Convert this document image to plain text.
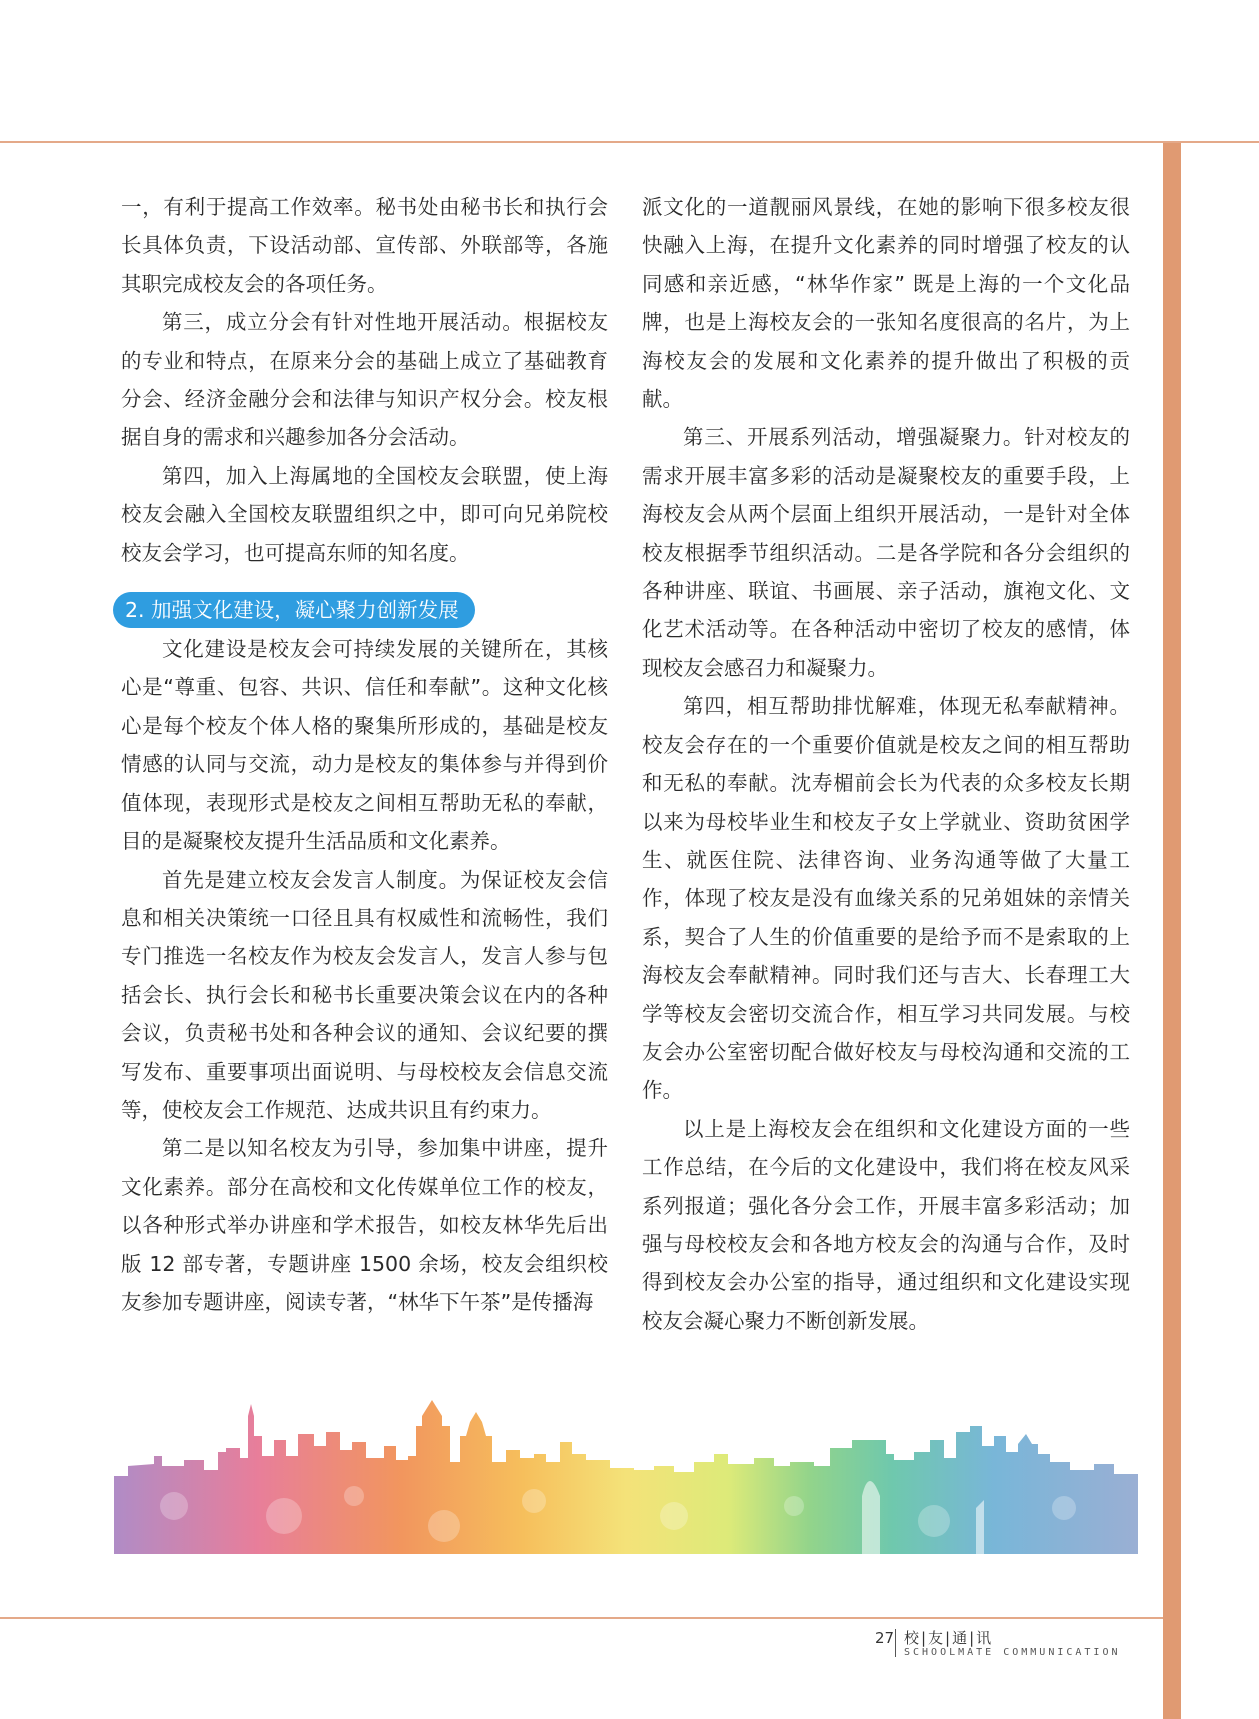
一，有利于提高工作效率。秘书处由秘书长和执行会长具体负责，下设活动部、宣传部、外联部等，各施其职完成校友会的各项任务。

第三，成立分会有针对性地开展活动。根据校友的专业和特点，在原来分会的基础上成立了基础教育分会、经济金融分会和法律与知识产权分会。校友根据自身的需求和兴趣参加各分会活动。

第四，加入上海属地的全国校友会联盟，使上海校友会融入全国校友联盟组织之中，即可向兄弟院校校友会学习，也可提高东师的知名度。

2. 加强文化建设，凝心聚力创新发展

文化建设是校友会可持续发展的关键所在，其核心是“尊重、包容、共识、信任和奉献”。这种文化核心是每个校友个体人格的聚集所形成的，基础是校友情感的认同与交流，动力是校友的集体参与并得到价值体现，表现形式是校友之间相互帮助无私的奉献，目的是凝聚校友提升生活品质和文化素养。

首先是建立校友会发言人制度。为保证校友会信息和相关决策统一口径且具有权威性和流畅性，我们专门推选一名校友作为校友会发言人，发言人参与包括会长、执行会长和秘书长重要决策会议在内的各种会议，负责秘书处和各种会议的通知、会议纪要的撰写发布、重要事项出面说明、与母校校友会信息交流等，使校友会工作规范、达成共识且有约束力。

第二是以知名校友为引导，参加集中讲座，提升文化素养。部分在高校和文化传媒单位工作的校友，以各种形式举办讲座和学术报告，如校友林华先后出版 12 部专著，专题讲座 1500 余场，校友会组织校友参加专题讲座，阅读专著，“林华下午茶”是传播海

派文化的一道靓丽风景线，在她的影响下很多校友很快融入上海，在提升文化素养的同时增强了校友的认同感和亲近感，“林华作家” 既是上海的一个文化品牌，也是上海校友会的一张知名度很高的名片，为上海校友会的发展和文化素养的提升做出了积极的贡献。

第三、开展系列活动，增强凝聚力。针对校友的需求开展丰富多彩的活动是凝聚校友的重要手段，上海校友会从两个层面上组织开展活动，一是针对全体校友根据季节组织活动。二是各学院和各分会组织的各种讲座、联谊、书画展、亲子活动，旗袍文化、文化艺术活动等。在各种活动中密切了校友的感情，体现校友会感召力和凝聚力。

第四，相互帮助排忧解难，体现无私奉献精神。校友会存在的一个重要价值就是校友之间的相互帮助和无私的奉献。沈寿楣前会长为代表的众多校友长期以来为母校毕业生和校友子女上学就业、资助贫困学生、就医住院、法律咨询、业务沟通等做了大量工作，体现了校友是没有血缘关系的兄弟姐妹的亲情关系，契合了人生的价值重要的是给予而不是索取的上海校友会奉献精神。同时我们还与吉大、长春理工大学等校友会密切交流合作，相互学习共同发展。与校友会办公室密切配合做好校友与母校沟通和交流的工作。

以上是上海校友会在组织和文化建设方面的一些工作总结，在今后的文化建设中，我们将在校友风采系列报道；强化各分会工作，开展丰富多彩活动；加强与母校校友会和各地方校友会的沟通与合作，及时得到校友会办公室的指导，通过组织和文化建设实现校友会凝心聚力不断创新发展。

27 校|友|通|讯
SCHOOLMATE COMMUNICATION
